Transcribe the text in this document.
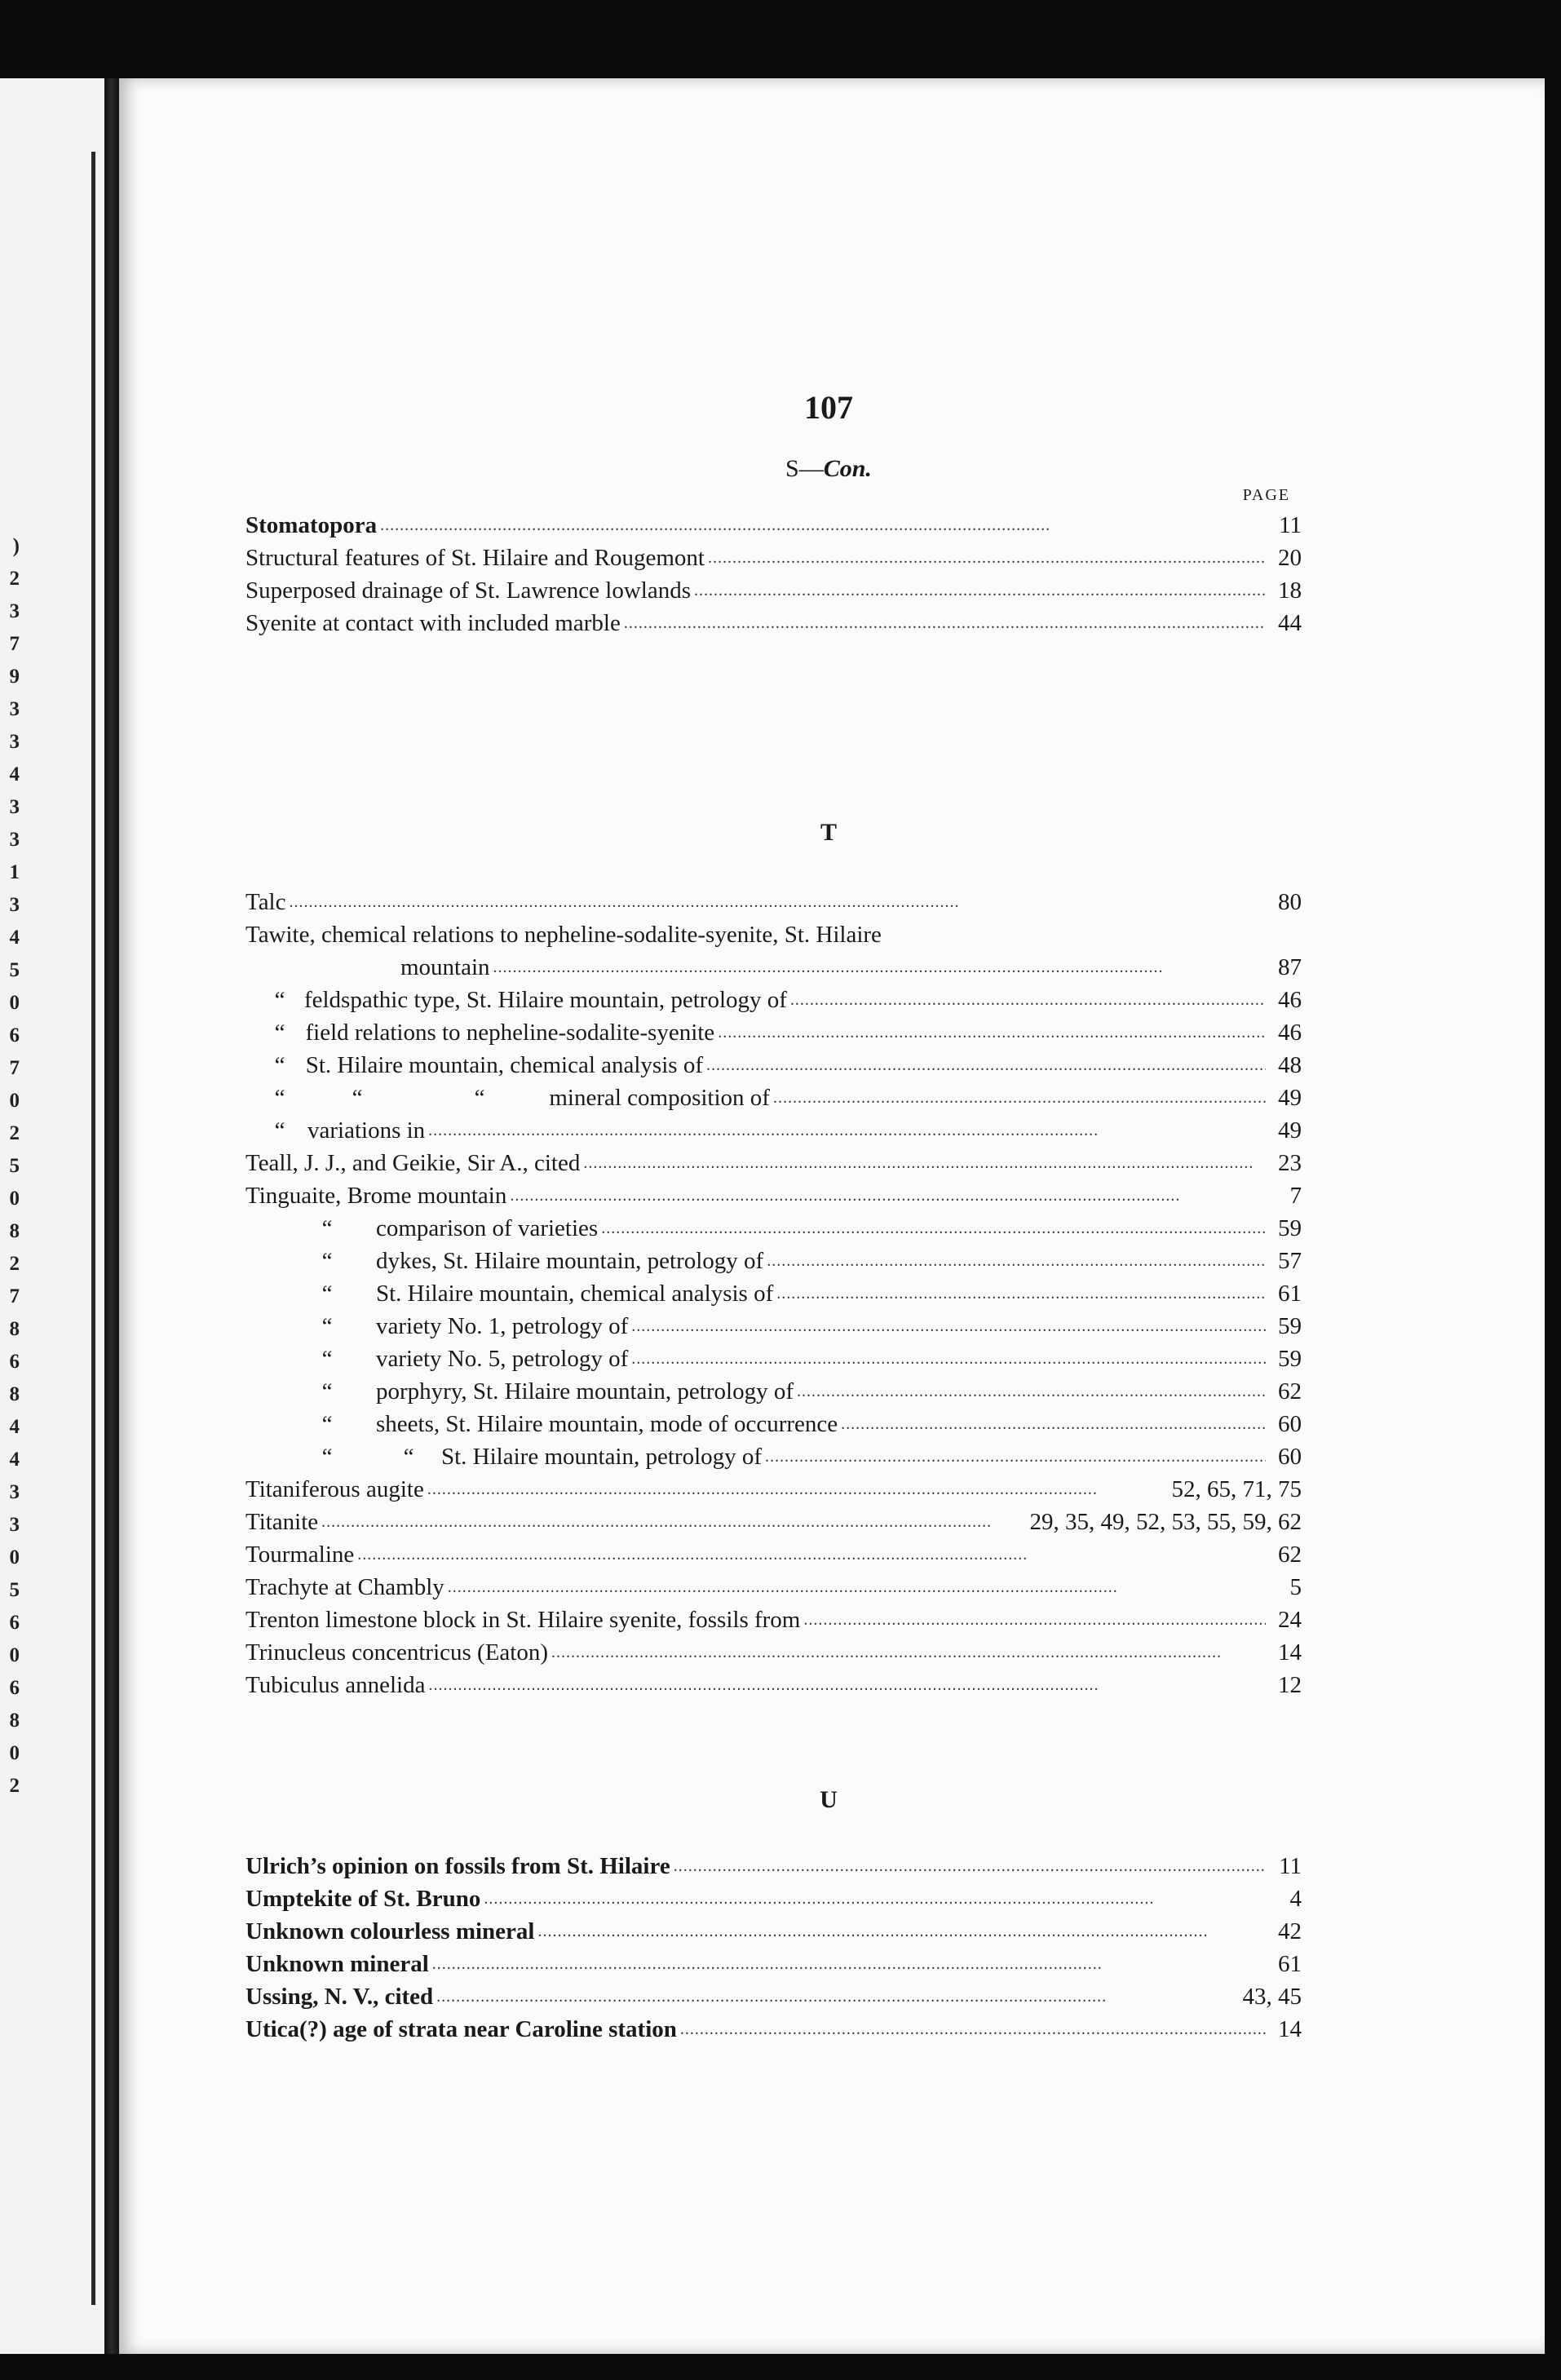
)
2
3
7
9
3
3
4
3
3
1
3
4
5
0
6
7
0
2
5
0
8
2
7
8
6
8
4
4
3
3
0
5
6
0
6
8
0
2
107
S—Con.
PAGE
Stomatopora . . .	11
Structural features of St. Hilaire and Rougemont . . .	20
Superposed drainage of St. Lawrence lowlands . . .	18
Syenite at contact with included marble . . .	44
T
Talc . . .	80
Tawite, chemical relations to nepheline-sodalite-syenite, St. Hilaire
mountain . . .	87
“ feldspathic type, St. Hilaire mountain, petrology of . . .	46
“ field relations to nepheline-sodalite-syenite . . .	46
“ St. Hilaire mountain, chemical analysis of . . .	48
“	“	“	mineral composition of . . .	49
“ variations in . . .	49
Teall, J. J., and Geikie, Sir A., cited . . .	23
Tinguaite, Brome mountain . . .	7
“	comparison of varieties . . .	59
“	dykes, St. Hilaire mountain, petrology of . . .	57
“	St. Hilaire mountain, chemical analysis of . . .	61
“	variety No. 1, petrology of . . .	59
“	variety No. 5, petrology of . . .	59
“	porphyry, St. Hilaire mountain, petrology of . . .	62
“	sheets, St. Hilaire mountain, mode of occurrence . . .	60
“	“	St. Hilaire mountain, petrology of . . .	60
Titaniferous augite . . .	52, 65, 71, 75
Titanite . . .	29, 35, 49, 52, 53, 55, 59, 62
Tourmaline . . .	62
Trachyte at Chambly . . .	5
Trenton limestone block in St. Hilaire syenite, fossils from . . .	24
Trinucleus concentricus (Eaton) . . .	14
Tubiculus annelida . . .	12
U
Ulrich’s opinion on fossils from St. Hilaire . . .	11
Umptekite of St. Bruno . . .	4
Unknown colourless mineral . . .	42
Unknown mineral . . .	61
Ussing, N. V., cited . . .	43, 45
Utica(?) age of strata near Caroline station . . .	14
